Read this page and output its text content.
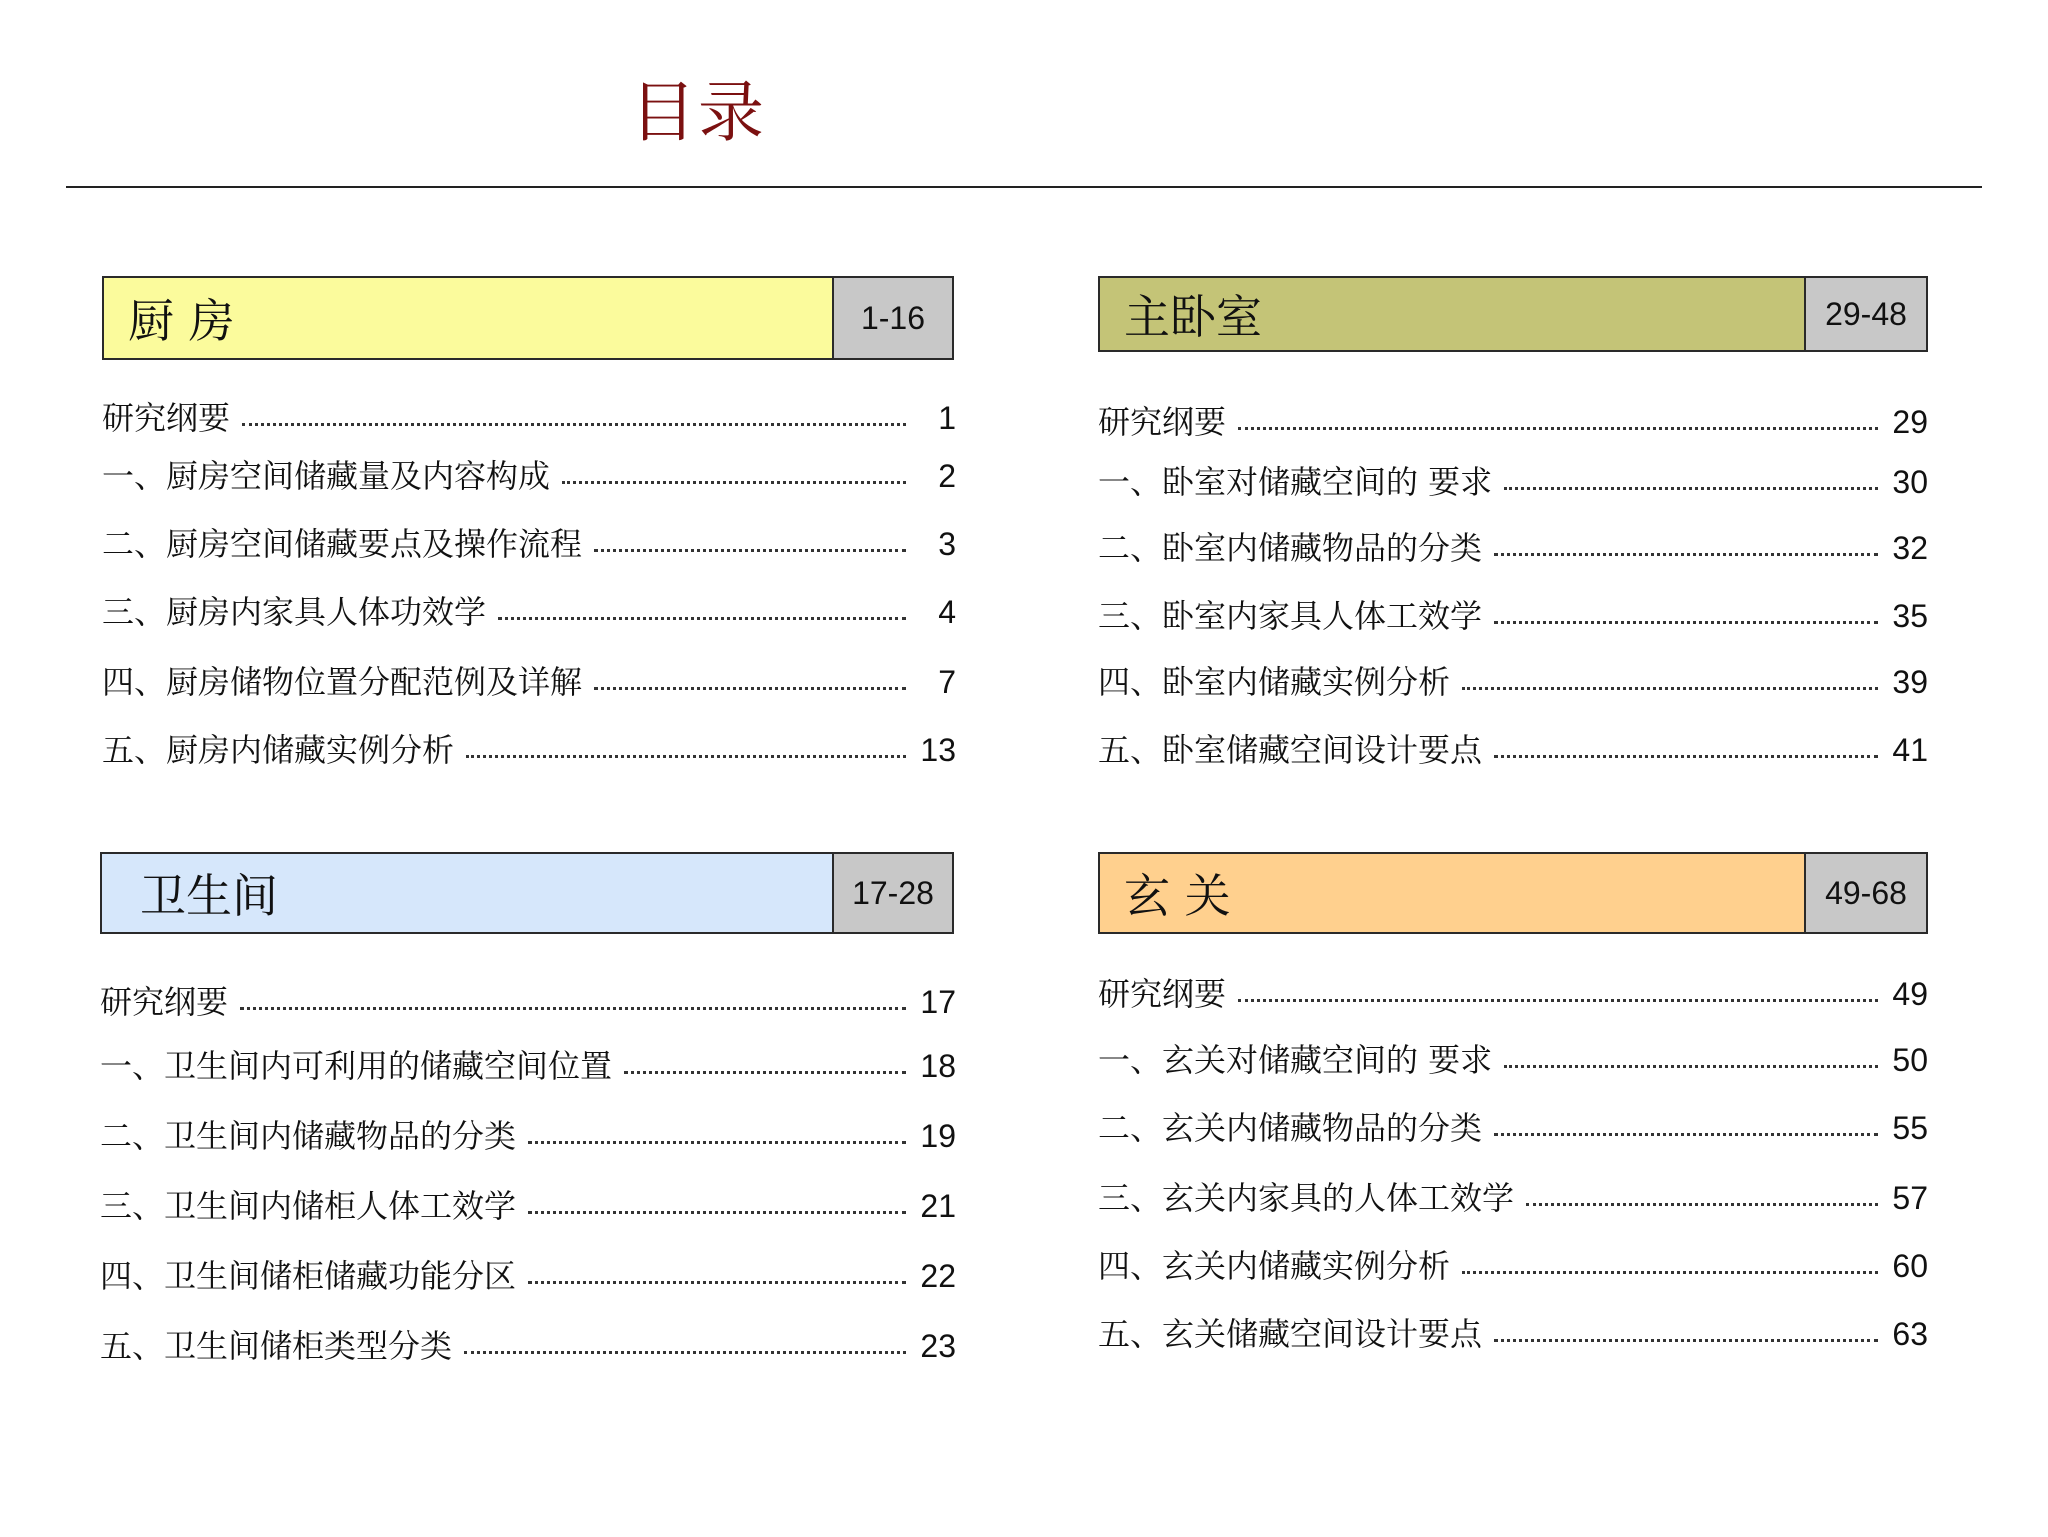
目录
厨 房	1-16
研究纲要	1
一、厨房空间储藏量及内容构成	2
二、厨房空间储藏要点及操作流程	3
三、厨房内家具人体功效学	4
四、厨房储物位置分配范例及详解	7
五、厨房内储藏实例分析	13
主卧室	29-48
研究纲要	29
一、卧室对储藏空间的 要求	30
二、卧室内储藏物品的分类	32
三、卧室内家具人体工效学	35
四、卧室内储藏实例分析	39
五、卧室储藏空间设计要点	41
卫生间	17-28
研究纲要	17
一、卫生间内可利用的储藏空间位置	18
二、卫生间内储藏物品的分类	19
三、卫生间内储柜人体工效学	21
四、卫生间储柜储藏功能分区	22
五、卫生间储柜类型分类	23
玄 关	49-68
研究纲要	49
一、玄关对储藏空间的 要求	50
二、玄关内储藏物品的分类	55
三、玄关内家具的人体工效学	57
四、玄关内储藏实例分析	60
五、玄关储藏空间设计要点	63
